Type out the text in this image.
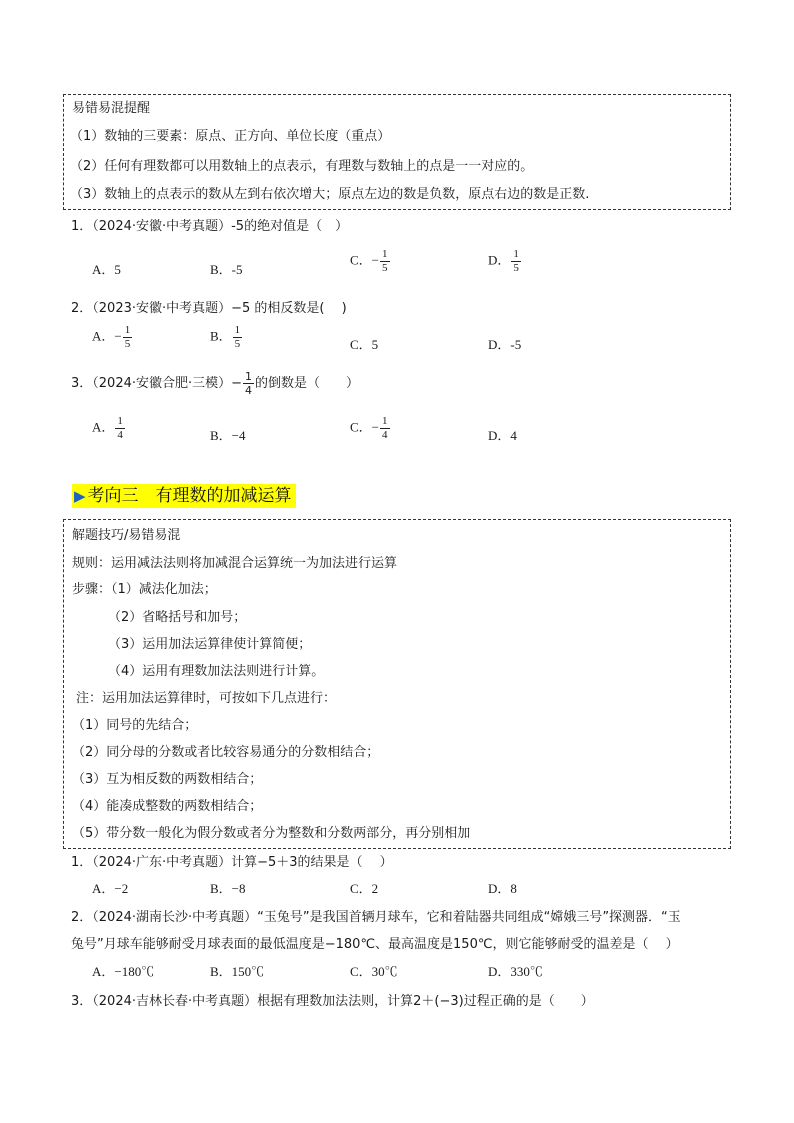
易错易混提醒
（1）数轴的三要素：原点、正方向、单位长度（重点）
（2）任何有理数都可以用数轴上的点表示，有理数与数轴上的点是一一对应的。
（3）数轴上的点表示的数从左到右依次增大；原点左边的数是负数，原点右边的数是正数.
1．（2024·安徽·中考真题）-5的绝对值是（　）
A．5	B．-5
C．− $\frac{1}{5}$	D． $\frac{1}{5}$
2．（2023·安徽·中考真题）−5 的相反数是(　 )
A．− $\frac{1}{5}$	B． $\frac{1}{5}$	C．5	D．-5
3．（2024·安徽合肥·三模）− $\frac{1}{4}$ 的倒数是（　　）
A． $\frac{1}{4}$	B．−4
C．− $\frac{1}{4}$	D．4
▶ 考向三　有理数的加减运算
解题技巧/易错易混
规则：运用减法法则将加减混合运算统一为加法进行运算
步骤：（1）减法化加法；
（2）省略括号和加号；
（3）运用加法运算律使计算简便；
（4）运用有理数加法法则进行计算。
注：运用加法运算律时，可按如下几点进行：
（1）同号的先结合；
（2）同分母的分数或者比较容易通分的分数相结合；
（3）互为相反数的两数相结合；
（4）能凑成整数的两数相结合；
（5）带分数一般化为假分数或者分为整数和分数两部分，再分别相加
1．（2024·广东·中考真题）计算−5＋3的结果是（　 ）
A．−2	B．−8	C．2	D．8
2．（2024·湖南长沙·中考真题）“玉兔号”是我国首辆月球车，它和着陆器共同组成“嫦娥三号”探测器．“玉
兔号”月球车能够耐受月球表面的最低温度是−180℃、最高温度是150℃，则它能够耐受的温差是（　 ）
A．−180℃	B．150℃	C．30℃	D．330℃
3．（2024·吉林长春·中考真题）根据有理数加法法则，计算2＋(−3)过程正确的是（　　）
